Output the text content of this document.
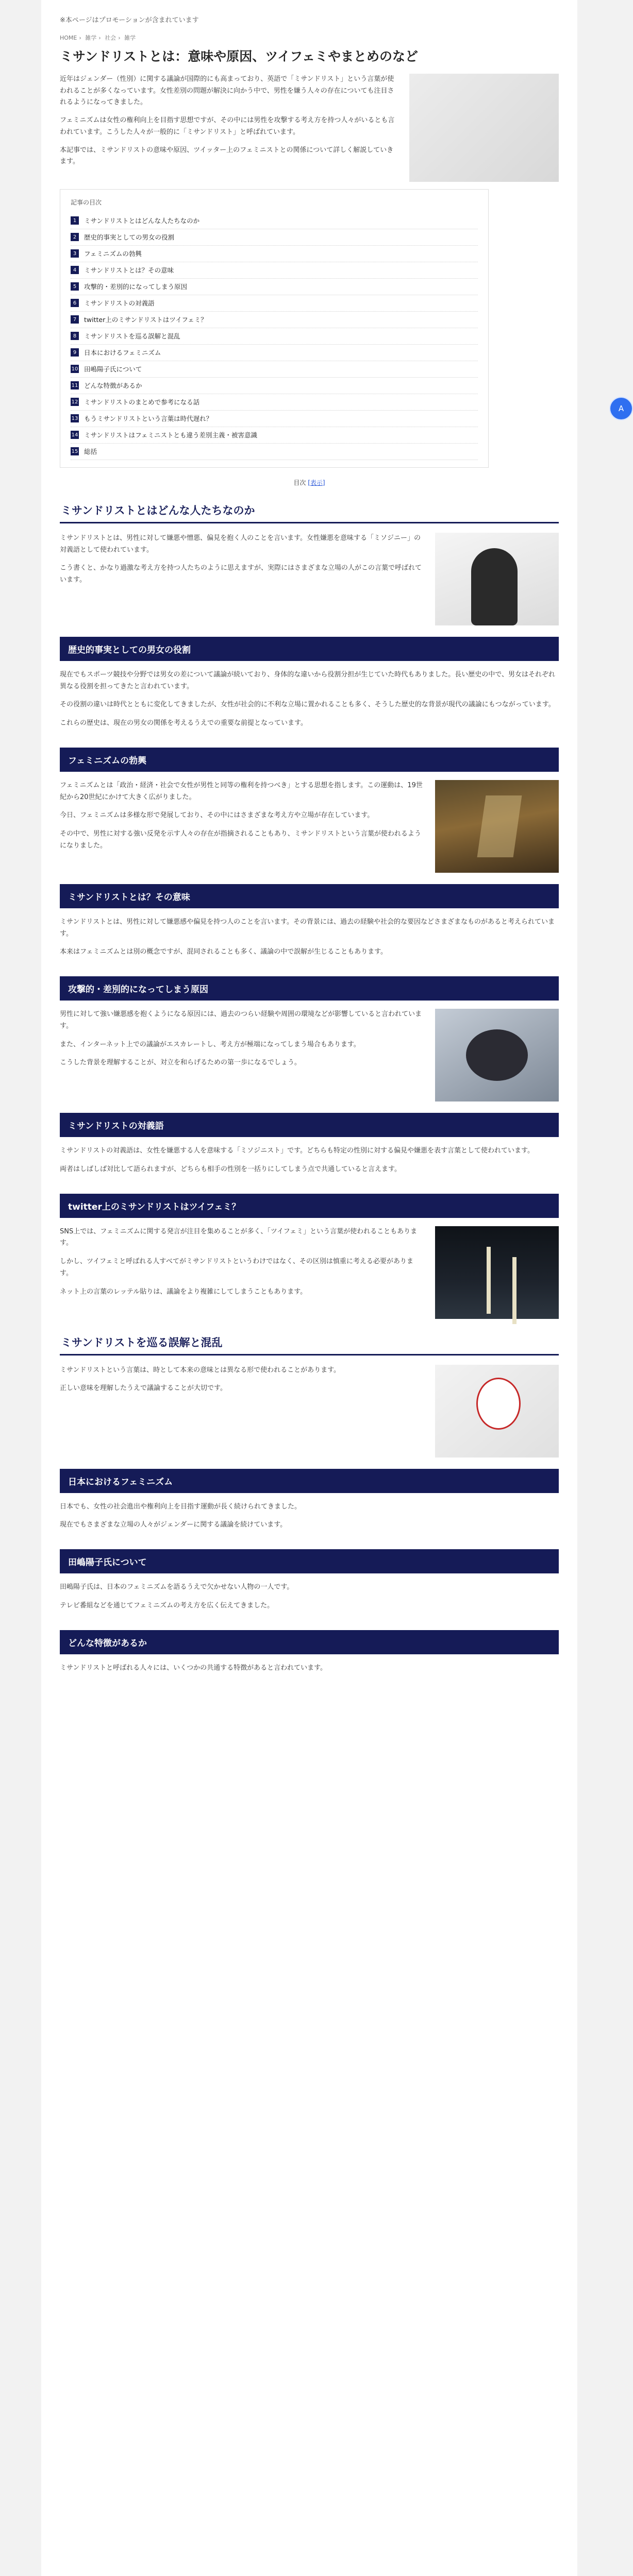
※本ページはプロモーションが含まれています
HOME › 雑学 › 社会 › 雑学
ミサンドリストとは：意味や原因、ツイフェミやまとめのなど

近年はジェンダー（性別）に関する議論が国際的にも高まっており、英語で「ミサンドリスト」という言葉が使われることが多くなっています。女性差別の問題が解決に向かう中で、男性を嫌う人々の存在についても注目されるようになってきました。

フェミニズムは女性の権利向上を目指す思想ですが、その中には男性を攻撃する考え方を持つ人々がいるとも言われています。こうした人々が一般的に「ミサンドリスト」と呼ばれています。

本記事では、ミサンドリストの意味や原因、ツイッター上のフェミニストとの関係について詳しく解説していきます。

記事の目次
1	ミサンドリストとはどんな人たちなのか
2	歴史的事実としての男女の役割
3	フェミニズムの勃興
4	ミサンドリストとは？その意味
5	攻撃的・差別的になってしまう原因
6	ミサンドリストの対義語
7	twitter上のミサンドリストはツイフェミ？
8	ミサンドリストを巡る誤解と混乱
9	日本におけるフェミニズム
10 田嶋陽子氏について
11 どんな特徴があるか
12 ミサンドリストのまとめで参考になる話
13 もうミサンドリストという言葉は時代遅れ？
14 ミサンドリストはフェミニストとも違う差別主義・被害意識
15 総括
目次 [表示]
A
ミサンドリストとはどんな人たちなのか

ミサンドリストとは、男性に対して嫌悪や憎悪、偏見を抱く人のことを言います。女性嫌悪を意味する「ミソジニー」の対義語として使われています。

こう書くと、かなり過激な考え方を持つ人たちのように思えますが、実際にはさまざまな立場の人がこの言葉で呼ばれています。

歴史的事実としての男女の役割

現在でもスポーツ競技や分野では男女の差について議論が続いており、身体的な違いから役割分担が生じていた時代もありました。長い歴史の中で、男女はそれぞれ異なる役割を担ってきたと言われています。

その役割の違いは時代とともに変化してきましたが、女性が社会的に不利な立場に置かれることも多く、そうした歴史的な背景が現代の議論にもつながっています。

これらの歴史は、現在の男女の関係を考えるうえでの重要な前提となっています。

フェミニズムの勃興

フェミニズムとは「政治・経済・社会で女性が男性と同等の権利を持つべき」とする思想を指します。この運動は、19世紀から20世紀にかけて大きく広がりました。

今日、フェミニズムは多様な形で発展しており、その中にはさまざまな考え方や立場が存在しています。

その中で、男性に対する強い反発を示す人々の存在が指摘されることもあり、ミサンドリストという言葉が使われるようになりました。

ミサンドリストとは？その意味

ミサンドリストとは、男性に対して嫌悪感や偏見を持つ人のことを言います。その背景には、過去の経験や社会的な要因などさまざまなものがあると考えられています。

本来はフェミニズムとは別の概念ですが、混同されることも多く、議論の中で誤解が生じることもあります。

攻撃的・差別的になってしまう原因

男性に対して強い嫌悪感を抱くようになる原因には、過去のつらい経験や周囲の環境などが影響していると言われています。

また、インターネット上での議論がエスカレートし、考え方が極端になってしまう場合もあります。

こうした背景を理解することが、対立を和らげるための第一歩になるでしょう。

ミサンドリストの対義語

ミサンドリストの対義語は、女性を嫌悪する人を意味する「ミソジニスト」です。どちらも特定の性別に対する偏見や嫌悪を表す言葉として使われています。

両者はしばしば対比して語られますが、どちらも相手の性別を一括りにしてしまう点で共通していると言えます。

twitter上のミサンドリストはツイフェミ？

SNS上では、フェミニズムに関する発言が注目を集めることが多く、「ツイフェミ」という言葉が使われることもあります。

しかし、ツイフェミと呼ばれる人すべてがミサンドリストというわけではなく、その区別は慎重に考える必要があります。

ネット上の言葉のレッテル貼りは、議論をより複雑にしてしまうこともあります。

ミサンドリストを巡る誤解と混乱

ミサンドリストという言葉は、時として本来の意味とは異なる形で使われることがあります。

正しい意味を理解したうえで議論することが大切です。

日本におけるフェミニズム

日本でも、女性の社会進出や権利向上を目指す運動が長く続けられてきました。

現在でもさまざまな立場の人々がジェンダーに関する議論を続けています。

田嶋陽子氏について

田嶋陽子氏は、日本のフェミニズムを語るうえで欠かせない人物の一人です。

テレビ番組などを通じてフェミニズムの考え方を広く伝えてきました。

どんな特徴があるか

ミサンドリストと呼ばれる人々には、いくつかの共通する特徴があると言われています。
